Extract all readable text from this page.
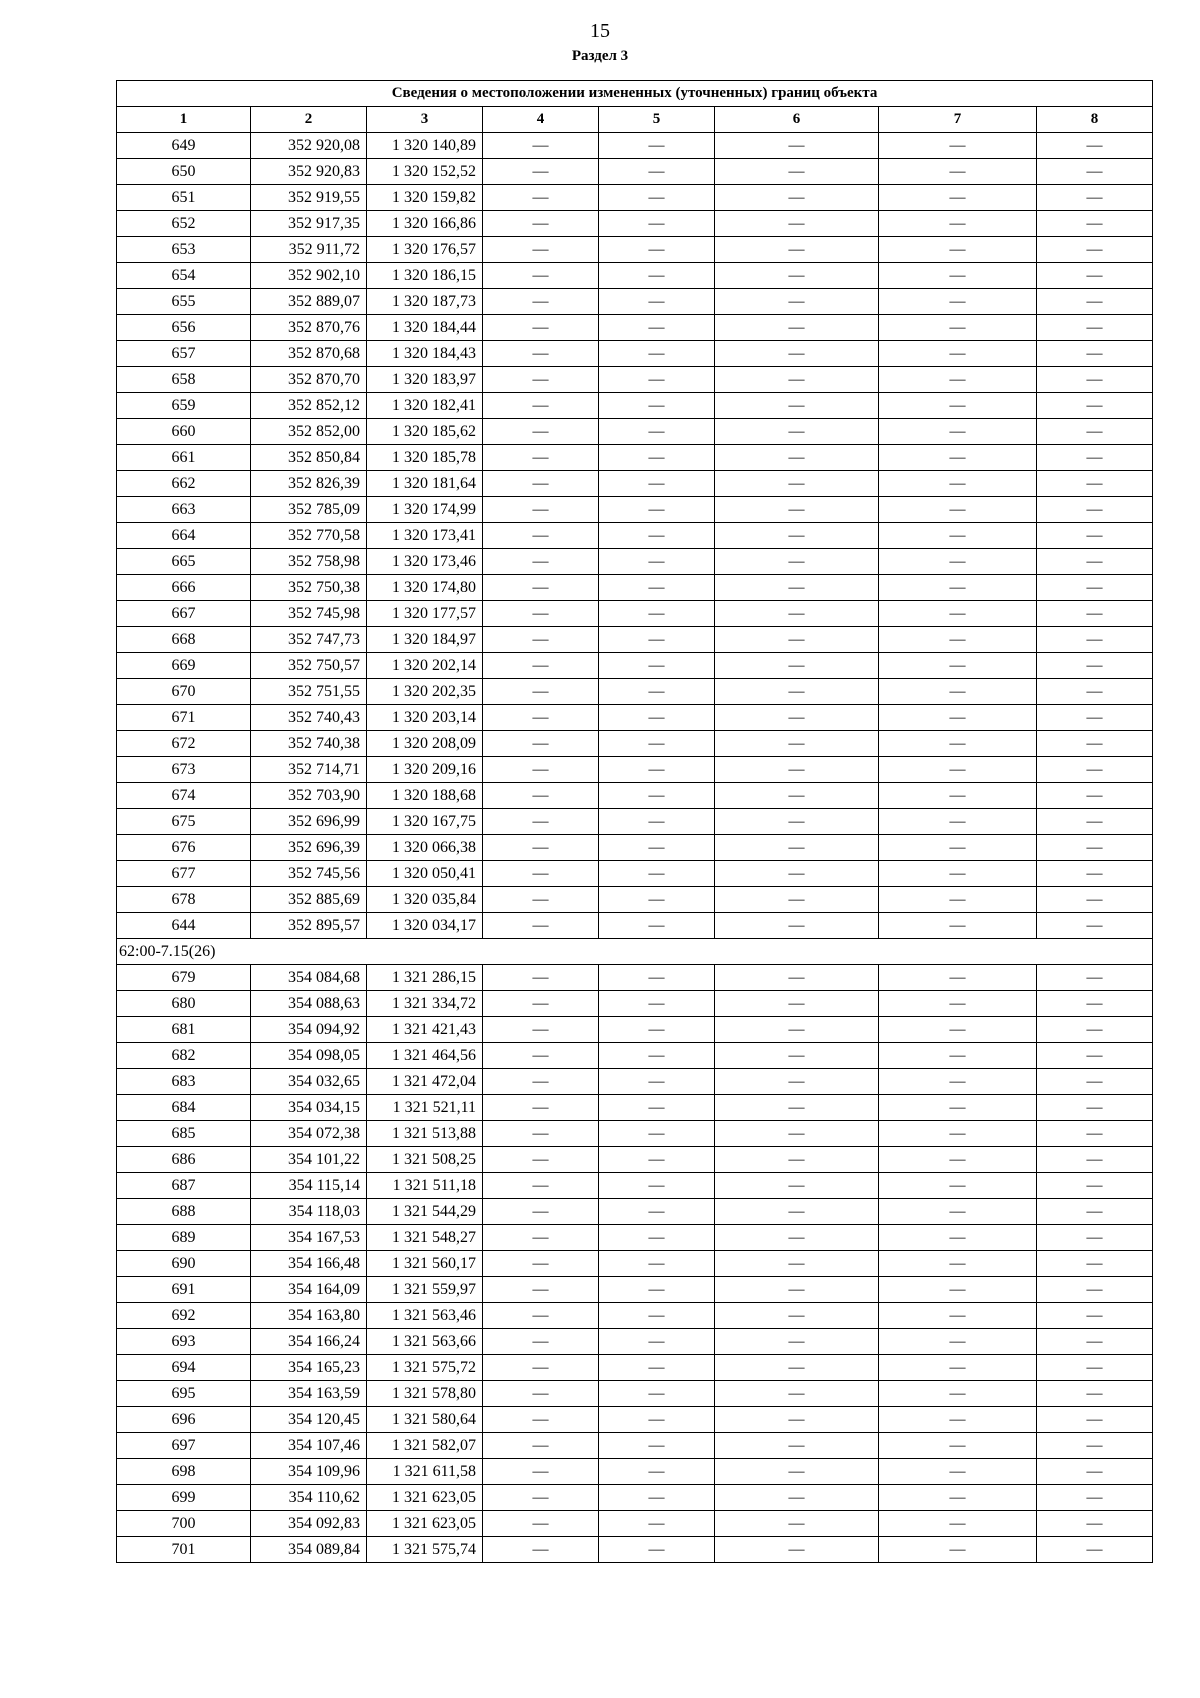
15
Раздел 3
Сведения о местоположении измененных (уточненных) границ объекта							
1	2	3	4	5	6	7	8
649	352 920,08	1 320 140,89	—	—	—	—	—
650	352 920,83	1 320 152,52	—	—	—	—	—
651	352 919,55	1 320 159,82	—	—	—	—	—
652	352 917,35	1 320 166,86	—	—	—	—	—
653	352 911,72	1 320 176,57	—	—	—	—	—
654	352 902,10	1 320 186,15	—	—	—	—	—
655	352 889,07	1 320 187,73	—	—	—	—	—
656	352 870,76	1 320 184,44	—	—	—	—	—
657	352 870,68	1 320 184,43	—	—	—	—	—
658	352 870,70	1 320 183,97	—	—	—	—	—
659	352 852,12	1 320 182,41	—	—	—	—	—
660	352 852,00	1 320 185,62	—	—	—	—	—
661	352 850,84	1 320 185,78	—	—	—	—	—
662	352 826,39	1 320 181,64	—	—	—	—	—
663	352 785,09	1 320 174,99	—	—	—	—	—
664	352 770,58	1 320 173,41	—	—	—	—	—
665	352 758,98	1 320 173,46	—	—	—	—	—
666	352 750,38	1 320 174,80	—	—	—	—	—
667	352 745,98	1 320 177,57	—	—	—	—	—
668	352 747,73	1 320 184,97	—	—	—	—	—
669	352 750,57	1 320 202,14	—	—	—	—	—
670	352 751,55	1 320 202,35	—	—	—	—	—
671	352 740,43	1 320 203,14	—	—	—	—	—
672	352 740,38	1 320 208,09	—	—	—	—	—
673	352 714,71	1 320 209,16	—	—	—	—	—
674	352 703,90	1 320 188,68	—	—	—	—	—
675	352 696,99	1 320 167,75	—	—	—	—	—
676	352 696,39	1 320 066,38	—	—	—	—	—
677	352 745,56	1 320 050,41	—	—	—	—	—
678	352 885,69	1 320 035,84	—	—	—	—	—
644	352 895,57	1 320 034,17	—	—	—	—	—
62:00-7.15(26)							
679	354 084,68	1 321 286,15	—	—	—	—	—
680	354 088,63	1 321 334,72	—	—	—	—	—
681	354 094,92	1 321 421,43	—	—	—	—	—
682	354 098,05	1 321 464,56	—	—	—	—	—
683	354 032,65	1 321 472,04	—	—	—	—	—
684	354 034,15	1 321 521,11	—	—	—	—	—
685	354 072,38	1 321 513,88	—	—	—	—	—
686	354 101,22	1 321 508,25	—	—	—	—	—
687	354 115,14	1 321 511,18	—	—	—	—	—
688	354 118,03	1 321 544,29	—	—	—	—	—
689	354 167,53	1 321 548,27	—	—	—	—	—
690	354 166,48	1 321 560,17	—	—	—	—	—
691	354 164,09	1 321 559,97	—	—	—	—	—
692	354 163,80	1 321 563,46	—	—	—	—	—
693	354 166,24	1 321 563,66	—	—	—	—	—
694	354 165,23	1 321 575,72	—	—	—	—	—
695	354 163,59	1 321 578,80	—	—	—	—	—
696	354 120,45	1 321 580,64	—	—	—	—	—
697	354 107,46	1 321 582,07	—	—	—	—	—
698	354 109,96	1 321 611,58	—	—	—	—	—
699	354 110,62	1 321 623,05	—	—	—	—	—
700	354 092,83	1 321 623,05	—	—	—	—	—
701	354 089,84	1 321 575,74	—	—	—	—	—
